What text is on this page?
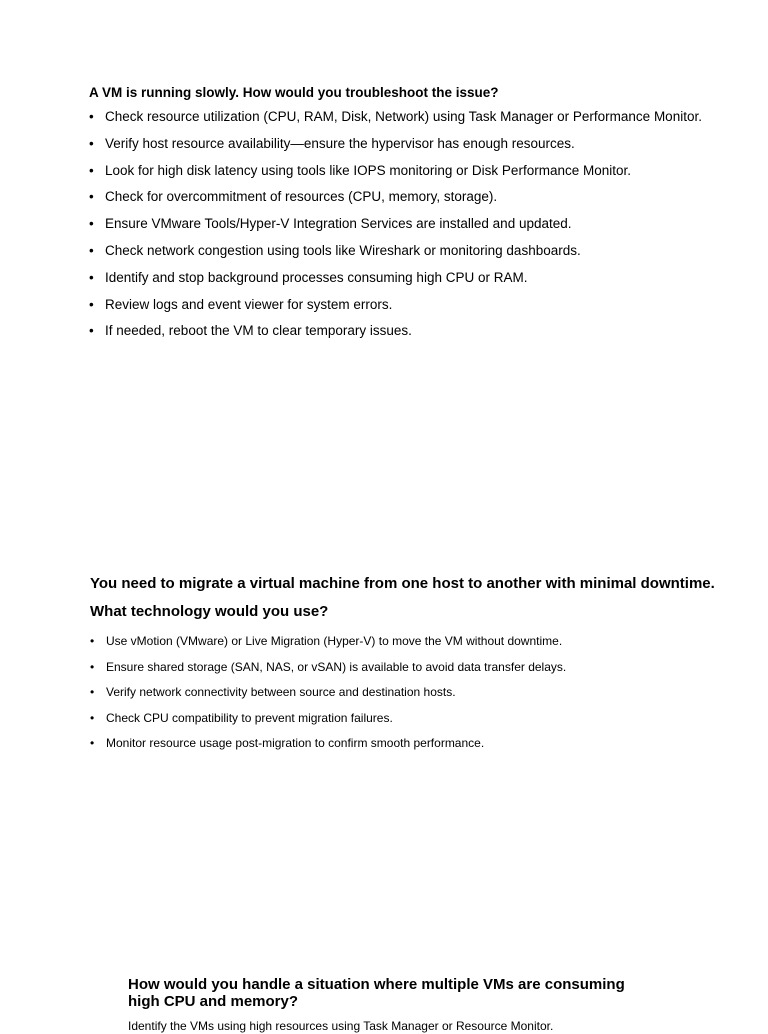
A VM is running slowly. How would you troubleshoot the issue?
• Check resource utilization (CPU, RAM, Disk, Network) using Task Manager or Performance Monitor.
• Verify host resource availability—ensure the hypervisor has enough resources.
• Look for high disk latency using tools like IOPS monitoring or Disk Performance Monitor.
• Check for overcommitment of resources (CPU, memory, storage).
• Ensure VMware Tools/Hyper-V Integration Services are installed and updated.
• Check network congestion using tools like Wireshark or monitoring dashboards.
• Identify and stop background processes consuming high CPU or RAM.
• Review logs and event viewer for system errors.
• If needed, reboot the VM to clear temporary issues.
You need to migrate a virtual machine from one host to another with minimal downtime.
What technology would you use?
• Use vMotion (VMware) or Live Migration (Hyper-V) to move the VM without downtime.
• Ensure shared storage (SAN, NAS, or vSAN) is available to avoid data transfer delays.
• Verify network connectivity between source and destination hosts.
• Check CPU compatibility to prevent migration failures.
• Monitor resource usage post-migration to confirm smooth performance.
How would you handle a situation where multiple VMs are consuming
high CPU and memory?
Identify the VMs using high resources using Task Manager or Resource Monitor.
